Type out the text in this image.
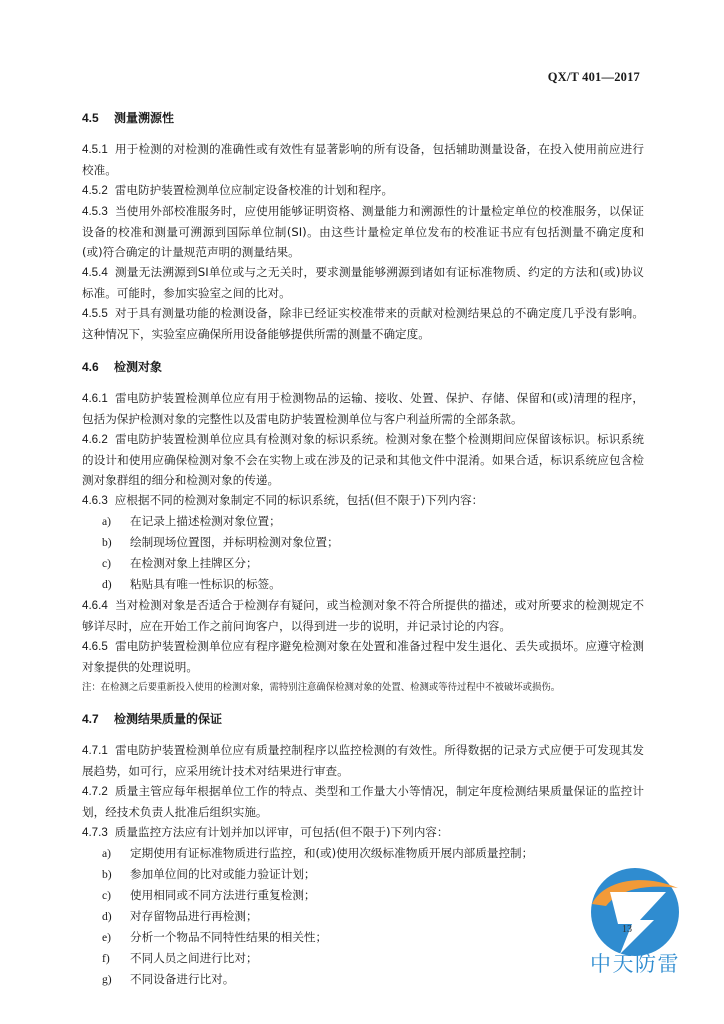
QX/T 401—2017
4.5 测量溯源性
4.5.1 用于检测的对检测的准确性或有效性有显著影响的所有设备，包括辅助测量设备，在投入使用前应进行校准。
4.5.2 雷电防护装置检测单位应制定设备校准的计划和程序。
4.5.3 当使用外部校准服务时，应使用能够证明资格、测量能力和溯源性的计量检定单位的校准服务，以保证设备的校准和测量可溯源到国际单位制(SI)。由这些计量检定单位发布的校准证书应有包括测量不确定度和(或)符合确定的计量规范声明的测量结果。
4.5.4 测量无法溯源到SI单位或与之无关时，要求测量能够溯源到诸如有证标准物质、约定的方法和(或)协议标准。可能时，参加实验室之间的比对。
4.5.5 对于具有测量功能的检测设备，除非已经证实校准带来的贡献对检测结果总的不确定度几乎没有影响。这种情况下，实验室应确保所用设备能够提供所需的测量不确定度。
4.6 检测对象
4.6.1 雷电防护装置检测单位应有用于检测物品的运输、接收、处置、保护、存储、保留和(或)清理的程序，包括为保护检测对象的完整性以及雷电防护装置检测单位与客户利益所需的全部条款。
4.6.2 雷电防护装置检测单位应具有检测对象的标识系统。检测对象在整个检测期间应保留该标识。标识系统的设计和使用应确保检测对象不会在实物上或在涉及的记录和其他文件中混淆。如果合适，标识系统应包含检测对象群组的细分和检测对象的传递。
4.6.3 应根据不同的检测对象制定不同的标识系统，包括(但不限于)下列内容：
a) 在记录上描述检测对象位置；
b) 绘制现场位置图，并标明检测对象位置；
c) 在检测对象上挂牌区分；
d) 粘贴具有唯一性标识的标签。
4.6.4 当对检测对象是否适合于检测存有疑问，或当检测对象不符合所提供的描述，或对所要求的检测规定不够详尽时，应在开始工作之前问询客户，以得到进一步的说明，并记录讨论的内容。
4.6.5 雷电防护装置检测单位应有程序避免检测对象在处置和准备过程中发生退化、丢失或损坏。应遵守检测对象提供的处理说明。
注：在检测之后要重新投入使用的检测对象，需特别注意确保检测对象的处置、检测或等待过程中不被破坏或损伤。
4.7 检测结果质量的保证
4.7.1 雷电防护装置检测单位应有质量控制程序以监控检测的有效性。所得数据的记录方式应便于可发现其发展趋势，如可行，应采用统计技术对结果进行审查。
4.7.2 质量主管应每年根据单位工作的特点、类型和工作量大小等情况，制定年度检测结果质量保证的监控计划，经技术负责人批准后组织实施。
4.7.3 质量监控方法应有计划并加以评审，可包括(但不限于)下列内容：
a) 定期使用有证标准物质进行监控，和(或)使用次级标准物质开展内部质量控制；
b) 参加单位间的比对或能力验证计划；
c) 使用相同或不同方法进行重复检测；
d) 对存留物品进行再检测；
e) 分析一个物品不同特性结果的相关性；
f) 不同人员之间进行比对；
g) 不同设备进行比对。
中天防雷
13
